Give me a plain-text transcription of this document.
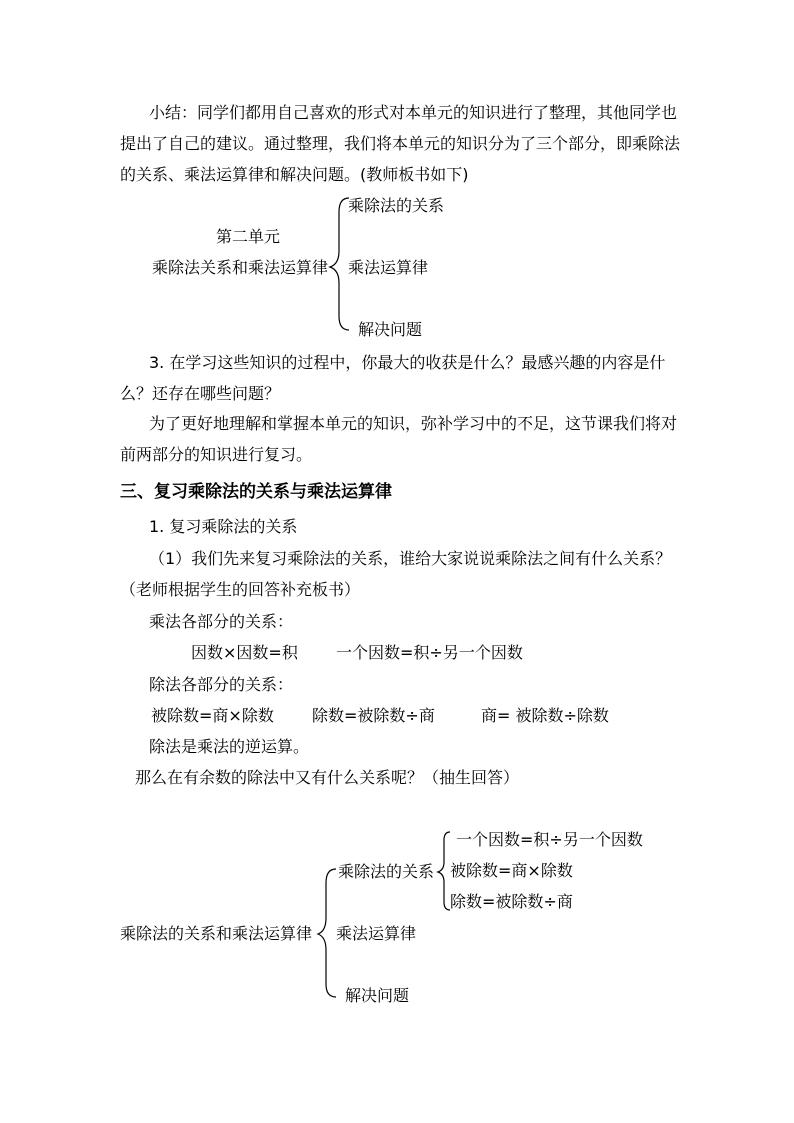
小结：同学们都用自己喜欢的形式对本单元的知识进行了整理，其他同学也
提出了自己的建议。通过整理，我们将本单元的知识分为了三个部分，即乘除法
的关系、乘法运算律和解决问题。(教师板书如下)
第二单元
乘除法关系和乘法运算律
乘除法的关系
乘法运算律
解决问题
3. 在学习这些知识的过程中，你最大的收获是什么？最感兴趣的内容是什
么？还存在哪些问题？
为了更好地理解和掌握本单元的知识，弥补学习中的不足，这节课我们将对
前两部分的知识进行复习。
三、复习乘除法的关系与乘法运算律
1. 复习乘除法的关系
（1）我们先来复习乘除法的关系，谁给大家说说乘除法之间有什么关系？
（老师根据学生的回答补充板书）
乘法各部分的关系：
因数×因数=积 一个因数=积÷另一个因数
除法各部分的关系：
被除数=商×除数 除数=被除数÷商	商= 被除数÷除数
除法是乘法的逆运算。
那么在有余数的除法中又有什么关系呢？（抽生回答）
乘除法的关系和乘法运算律
乘除法的关系
乘法运算律
解决问题
一个因数=积÷另一个因数
被除数=商×除数
除数=被除数÷商
